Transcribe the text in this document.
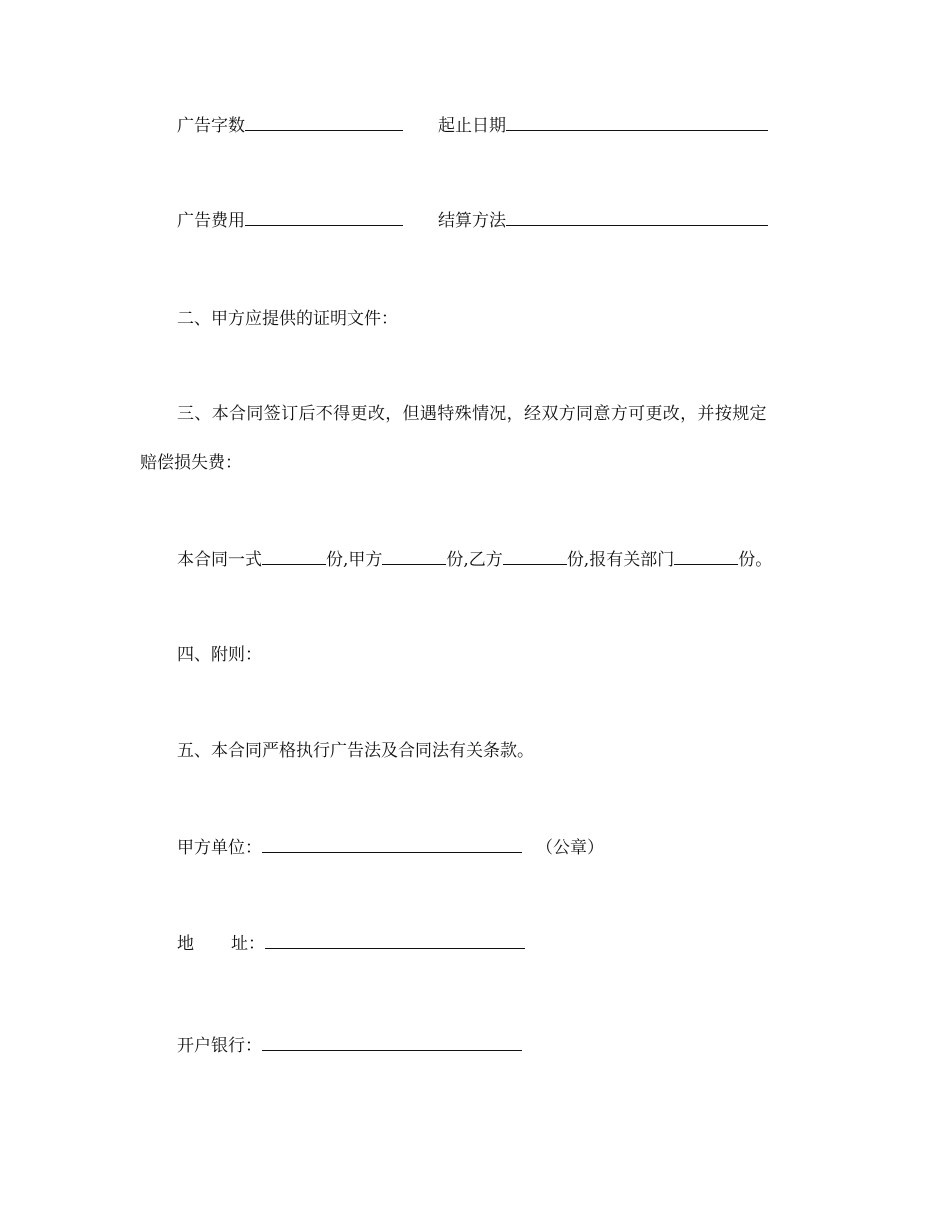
广告字数	起止日期
广告费用	结算方法
二、甲方应提供的证明文件：
三、本合同签订后不得更改，但遇特殊情况，经双方同意方可更改，并按规定
赔偿损失费：
本合同一式	份,甲方	份,乙方	份,报有关部门	份。
四、附则：
五、本合同严格执行广告法及合同法有关条款。
甲方单位：	（公章）
地 址：
开户银行：
